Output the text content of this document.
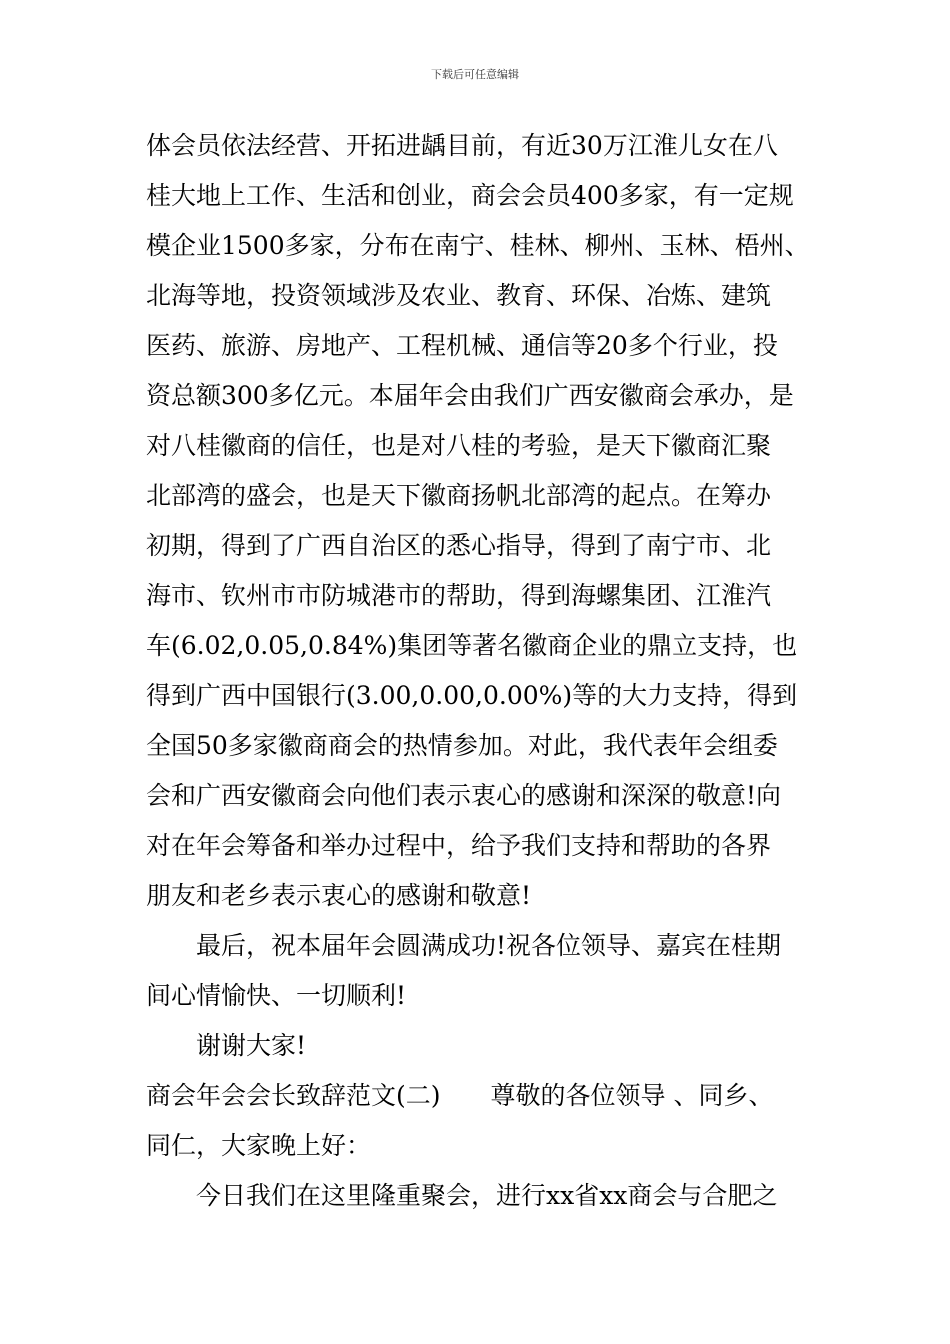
下载后可任意编辑
体会员依法经营、开拓进龋目前，有近30万江淮儿女在八
桂大地上工作、生活和创业，商会会员400多家，有一定规
模企业1500多家，分布在南宁、桂林、柳州、玉林、梧州、
北海等地，投资领域涉及农业、教育、环保、冶炼、建筑
医药、旅游、房地产、工程机械、通信等20多个行业，投
资总额300多亿元。本届年会由我们广西安徽商会承办，是
对八桂徽商的信任，也是对八桂的考验，是天下徽商汇聚
北部湾的盛会，也是天下徽商扬帆北部湾的起点。在筹办
初期，得到了广西自治区的悉心指导，得到了南宁市、北
海市、钦州市市防城港市的帮助，得到海螺集团、江淮汽
车(6.02,0.05,0.84%)集团等著名徽商企业的鼎立支持，也
得到广西中国银行(3.00,0.00,0.00%)等的大力支持，得到
全国50多家徽商商会的热情参加。对此，我代表年会组委
会和广西安徽商会向他们表示衷心的感谢和深深的敬意!向
对在年会筹备和举办过程中，给予我们支持和帮助的各界
朋友和老乡表示衷心的感谢和敬意!
最后，祝本届年会圆满成功!祝各位领导、嘉宾在桂期
间心情愉快、一切顺利!
谢谢大家!
商会年会会长致辞范文(二)　　尊敬的各位领导 、同乡、
同仁，大家晚上好：
今日我们在这里隆重聚会，进行xx省xx商会与合肥之
